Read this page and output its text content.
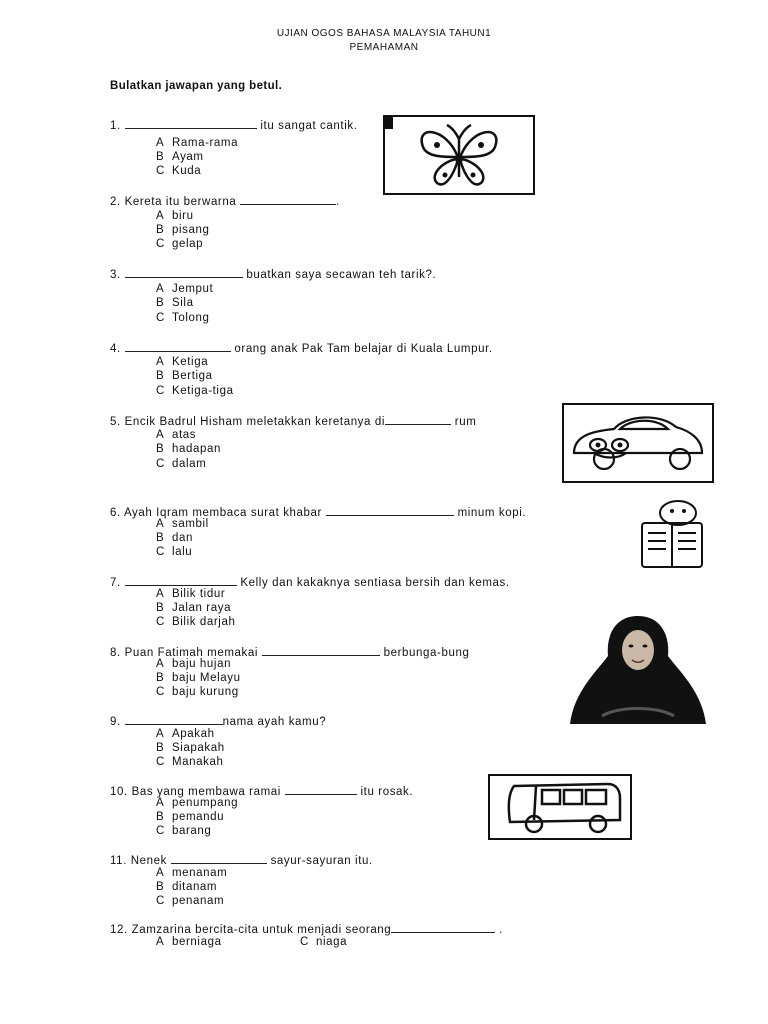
UJIAN OGOS BAHASA MALAYSIA TAHUN1
PEMAHAMAN
Bulatkan jawapan yang betul.
1.	itu sangat cantik.
A Rama-rama
B Ayam
C Kuda
2. Kereta itu berwarna	.
A biru
B pisang
C gelap
3.	buatkan saya secawan teh tarik?.
A Jemput
B Sila
C Tolong
4.	orang anak Pak Tam belajar di Kuala Lumpur.
A Ketiga
B Bertiga
C Ketiga-tiga
5. Encik Badrul Hisham meletakkan keretanya di	rum
A atas
B hadapan
C dalam
6. Ayah Iqram membaca surat khabar	minum kopi.
A sambil
B dan
C lalu
7.	Kelly dan kakaknya sentiasa bersih dan kemas.
A Bilik tidur
B Jalan raya
C Bilik darjah
8. Puan Fatimah memakai	berbunga-bung
A baju hujan
B baju Melayu
C baju kurung
9.	nama ayah kamu?
A Apakah
B Siapakah
C Manakah
10. Bas yang membawa ramai	itu rosak.
A penumpang
B pemandu
C barang
11. Nenek	sayur-sayuran itu.
A menanam
B ditanam
C penanam
12. Zamzarina bercita-cita untuk menjadi seorang	.
A berniaga	C niaga
